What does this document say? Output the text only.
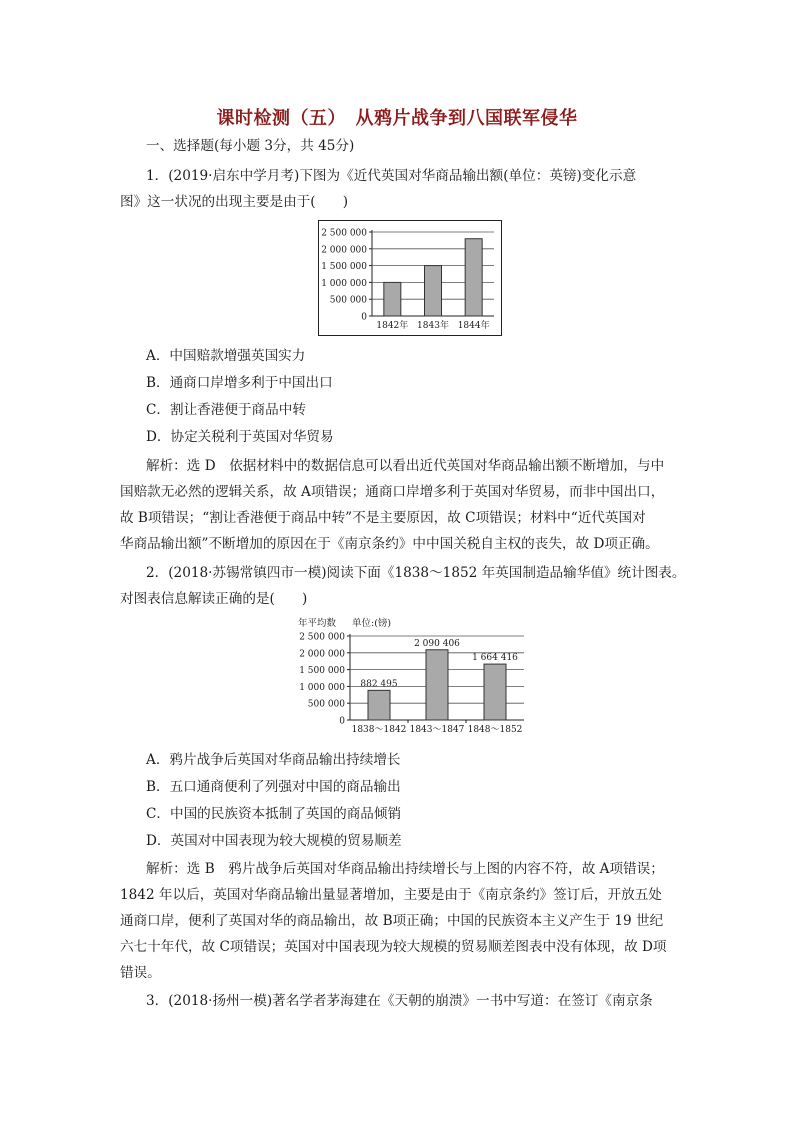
课时检测（五）　从鸦片战争到八国联军侵华
一、选择题(每小题 3分，共 45分)
1．(2019·启东中学月考)下图为《近代英国对华商品输出额(单位：英镑)变化示意
图》这一状况的出现主要是由于(　　)
0
500 000
1 000 000
1 500 000
2 000 000
2 500 000
1842年 1843年 1844年
A．中国赔款增强英国实力
B．通商口岸增多利于中国出口
C．割让香港便于商品中转
D．协定关税利于英国对华贸易
解析：选 D　依据材料中的数据信息可以看出近代英国对华商品输出额不断增加，与中
国赔款无必然的逻辑关系，故 A项错误；通商口岸增多利于英国对华贸易，而非中国出口，
故 B项错误；“割让香港便于商品中转”不是主要原因，故 C项错误；材料中“近代英国对
华商品输出额”不断增加的原因在于《南京条约》中中国关税自主权的丧失，故 D项正确。
2．(2018·苏锡常镇四市一模)阅读下面《1838～1852 年英国制造品输华值》统计图表。
对图表信息解读正确的是(　　)
0
500 000
1 000 000
1 500 000
2 000 000
2 500 000
1838～1842
882 495
1843～1847
2 090 406
1848～1852
1 664 416
年平均数 单位:(镑)
A．鸦片战争后英国对华商品输出持续增长
B．五口通商便利了列强对中国的商品输出
C．中国的民族资本抵制了英国的商品倾销
D．英国对中国表现为较大规模的贸易顺差
解析：选 B　鸦片战争后英国对华商品输出持续增长与上图的内容不符，故 A项错误；
1842 年以后，英国对华商品输出量显著增加，主要是由于《南京条约》签订后，开放五处
通商口岸，便利了英国对华的商品输出，故 B项正确；中国的民族资本主义产生于 19 世纪
六七十年代，故 C项错误；英国对中国表现为较大规模的贸易顺差图表中没有体现，故 D项
错误。
3．(2018·扬州一模)著名学者茅海建在《天朝的崩溃》一书中写道：在签订《南京条
